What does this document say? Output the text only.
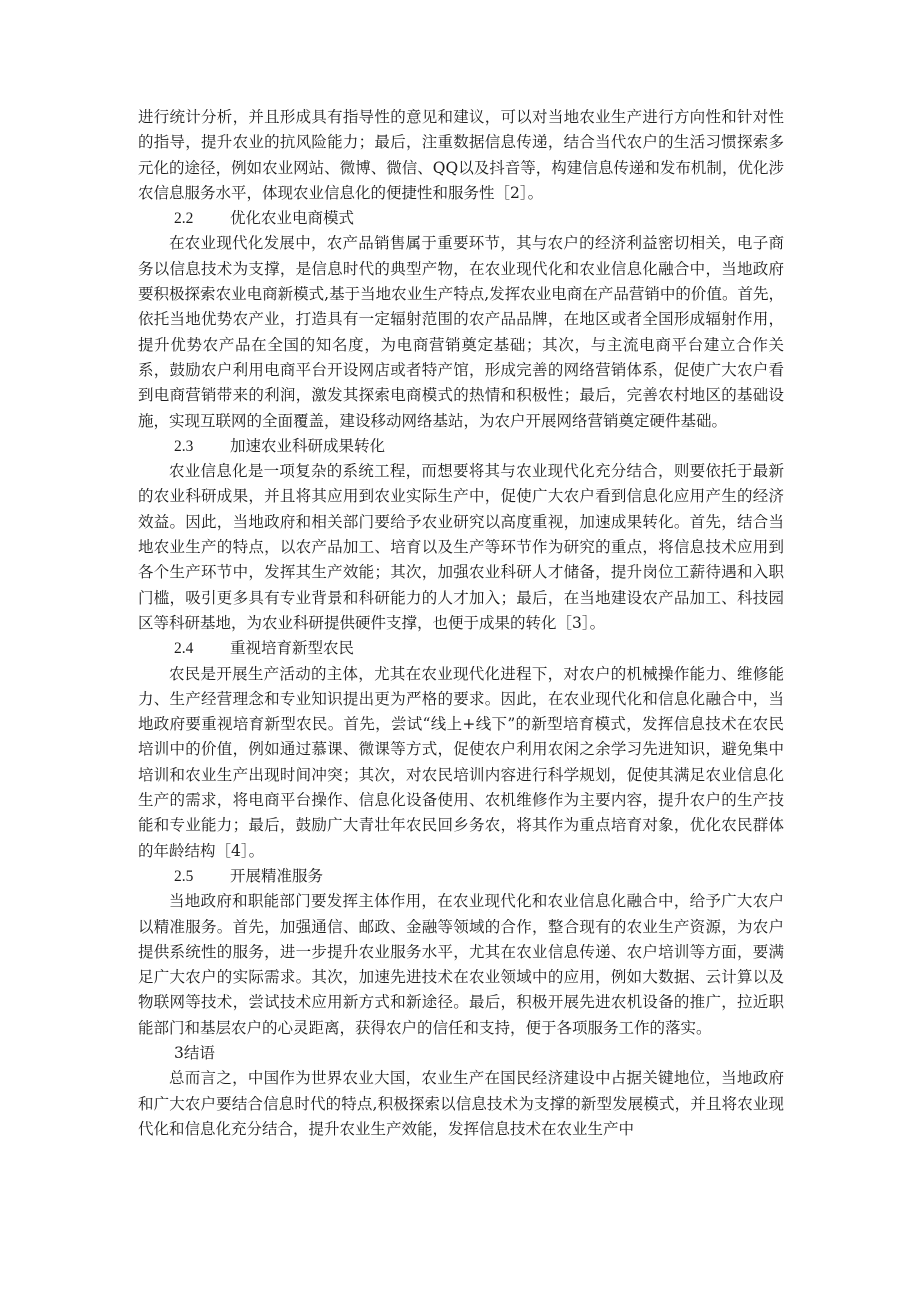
进行统计分析，并且形成具有指导性的意见和建议，可以对当地农业生产进行方向性和针对性的指导，提升农业的抗风险能力；最后，注重数据信息传递，结合当代农户的生活习惯探索多元化的途径，例如农业网站、微博、微信、QQ以及抖音等，构建信息传递和发布机制，优化涉农信息服务水平，体现农业信息化的便捷性和服务性［2］。

2.2 优化农业电商模式

在农业现代化发展中，农产品销售属于重要环节，其与农户的经济利益密切相关，电子商务以信息技术为支撑，是信息时代的典型产物，在农业现代化和农业信息化融合中，当地政府要积极探索农业电商新模式,基于当地农业生产特点,发挥农业电商在产品营销中的价值。首先，依托当地优势农产业，打造具有一定辐射范围的农产品品牌，在地区或者全国形成辐射作用，提升优势农产品在全国的知名度，为电商营销奠定基础；其次，与主流电商平台建立合作关系，鼓励农户利用电商平台开设网店或者特产馆，形成完善的网络营销体系，促使广大农户看到电商营销带来的利润，激发其探索电商模式的热情和积极性；最后，完善农村地区的基础设施，实现互联网的全面覆盖，建设移动网络基站，为农户开展网络营销奠定硬件基础。

2.3 加速农业科研成果转化

农业信息化是一项复杂的系统工程，而想要将其与农业现代化充分结合，则要依托于最新的农业科研成果，并且将其应用到农业实际生产中，促使广大农户看到信息化应用产生的经济效益。因此，当地政府和相关部门要给予农业研究以高度重视，加速成果转化。首先，结合当地农业生产的特点，以农产品加工、培育以及生产等环节作为研究的重点，将信息技术应用到各个生产环节中，发挥其生产效能；其次，加强农业科研人才储备，提升岗位工薪待遇和入职门槛，吸引更多具有专业背景和科研能力的人才加入；最后，在当地建设农产品加工、科技园区等科研基地，为农业科研提供硬件支撑，也便于成果的转化［3］。

2.4 重视培育新型农民

农民是开展生产活动的主体，尤其在农业现代化进程下，对农户的机械操作能力、维修能力、生产经营理念和专业知识提出更为严格的要求。因此，在农业现代化和信息化融合中，当地政府要重视培育新型农民。首先，尝试“线上+线下”的新型培育模式，发挥信息技术在农民培训中的价值，例如通过慕课、微课等方式，促使农户利用农闲之余学习先进知识，避免集中培训和农业生产出现时间冲突；其次，对农民培训内容进行科学规划，促使其满足农业信息化生产的需求，将电商平台操作、信息化设备使用、农机维修作为主要内容，提升农户的生产技能和专业能力；最后，鼓励广大青壮年农民回乡务农，将其作为重点培育对象，优化农民群体的年龄结构［4］。

2.5 开展精准服务

当地政府和职能部门要发挥主体作用，在农业现代化和农业信息化融合中，给予广大农户以精准服务。首先，加强通信、邮政、金融等领域的合作，整合现有的农业生产资源，为农户提供系统性的服务，进一步提升农业服务水平，尤其在农业信息传递、农户培训等方面，要满足广大农户的实际需求。其次，加速先进技术在农业领域中的应用，例如大数据、云计算以及物联网等技术，尝试技术应用新方式和新途径。最后，积极开展先进农机设备的推广，拉近职能部门和基层农户的心灵距离，获得农户的信任和支持，便于各项服务工作的落实。

3结语

总而言之，中国作为世界农业大国，农业生产在国民经济建设中占据关键地位，当地政府和广大农户要结合信息时代的特点,积极探索以信息技术为支撑的新型发展模式，并且将农业现代化和信息化充分结合，提升农业生产效能，发挥信息技术在农业生产中
